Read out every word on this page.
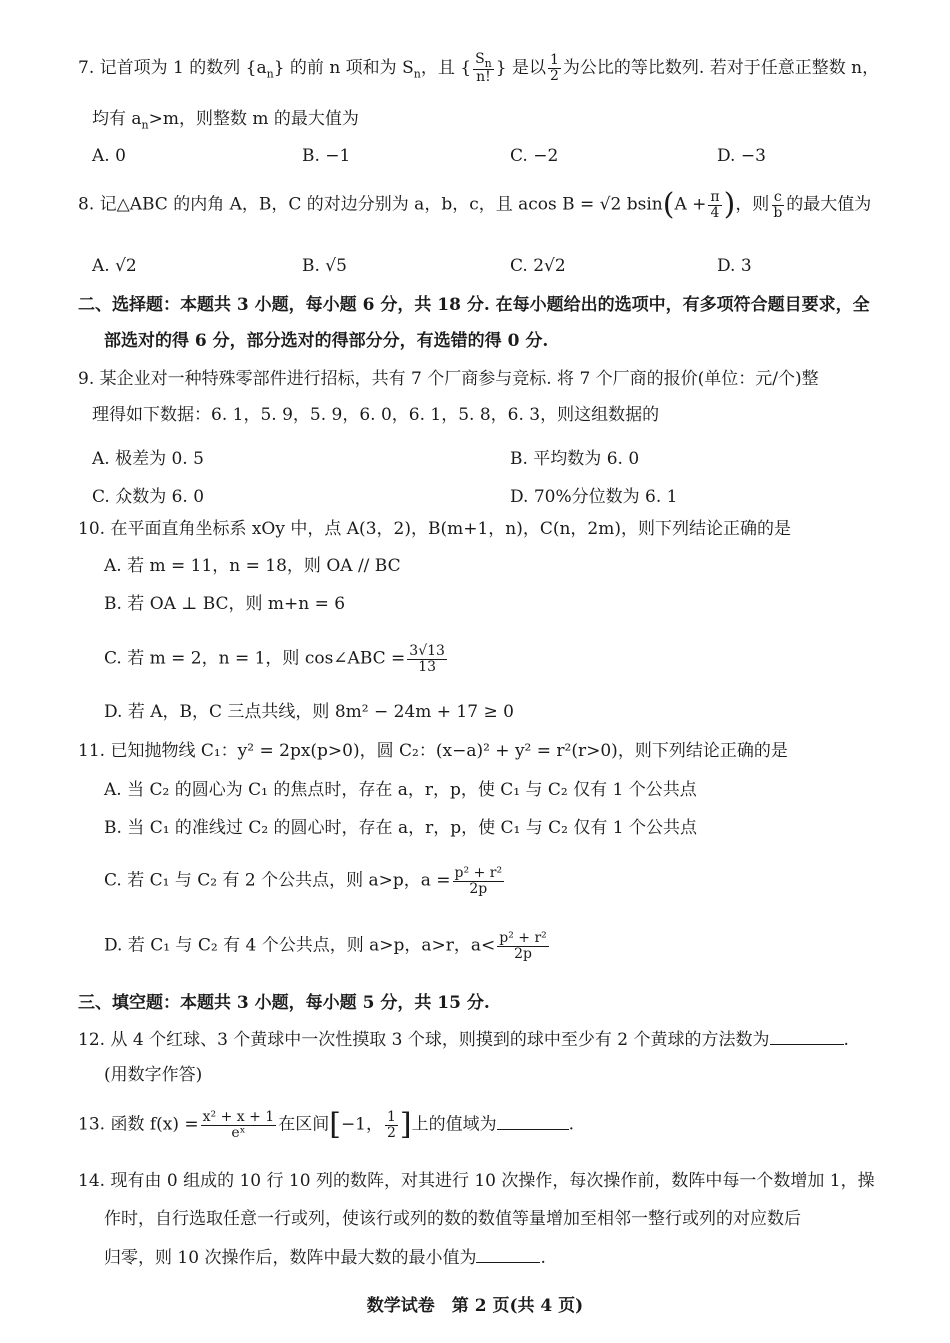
7. 记首项为 1 的数列 $\{a_n\}$ 的前 n 项和为 $S_n$，且 { $\frac{S_n}{n!}$ } 是以 $\frac{1}{2}$ 为公比的等比数列. 若对于任意正整数 n，
均有 $a_n>m$，则整数 m 的最大值为
A. 0	B. −1	C. −2	D. −3
8. 记△ABC 的内角 A，B，C 的对边分别为 a，b，c，且 acos B = √2 $bsin(A + \frac{\pi}{4}$ )，则 $\frac{c}{b}$ 的最大值为
A. √2	B. √5	C. 2√2	D. 3
二、选择题：本题共 3 小题，每小题 6 分，共 18 分. 在每小题给出的选项中，有多项符合题目要求，全
部选对的得 6 分，部分选对的得部分分，有选错的得 0 分.
9. 某企业对一种特殊零部件进行招标，共有 7 个厂商参与竞标. 将 7 个厂商的报价(单位：元/个)整
理得如下数据：6. 1，5. 9，5. 9，6. 0，6. 1，5. 8，6. 3，则这组数据的
A. 极差为 0. 5	B. 平均数为 6. 0
C. 众数为 6. 0	D. 70%分位数为 6. 1
10. 在平面直角坐标系 xOy 中，点 A(3，2)，B(m+1，n)，C(n，2m)，则下列结论正确的是
A. 若 m = 11，n = 18，则 OA // BC
B. 若 OA ⊥ BC，则 m+n = 6
C. 若 m = 2，n = 1，则 cos∠ABC = $\frac{3√13}{13}$
D. 若 A，B，C 三点共线，则 8m² − 24m + 17 ≥ 0
11. 已知抛物线 C₁：y² = 2px(p>0)，圆 C₂：(x−a)² + y² = r²(r>0)，则下列结论正确的是
A. 当 C₂ 的圆心为 C₁ 的焦点时，存在 a，r，p，使 C₁ 与 C₂ 仅有 1 个公共点
B. 当 C₁ 的准线过 C₂ 的圆心时，存在 a，r，p，使 C₁ 与 C₂ 仅有 1 个公共点
C. 若 C₁ 与 C₂ 有 2 个公共点，则 a>p，$a = \frac{\text{p² + r²}}{2p}$
D. 若 C₁ 与 C₂ 有 4 个公共点，则 a>p，a>r，$a< \frac{\text{p² + r²}}{2p}$
三、填空题：本题共 3 小题，每小题 5 分，共 15 分.
12. 从 4 个红球、3 个黄球中一次性摸取 3 个球，则摸到的球中至少有 2 个黄球的方法数为	.
(用数字作答)
13. 函数 $f(x) = \frac{\text{x² + x + 1}}{\text{eˣ}}$ 在区间[−1， $\frac{1}{2}$ ]上的值域为	.
14. 现有由 0 组成的 10 行 10 列的数阵，对其进行 10 次操作，每次操作前，数阵中每一个数增加 1，操
作时，自行选取任意一行或列，使该行或列的数的数值等量增加至相邻一整行或列的对应数后
归零，则 10 次操作后，数阵中最大数的最小值为	.
数学试卷　第 2 页(共 4 页)
